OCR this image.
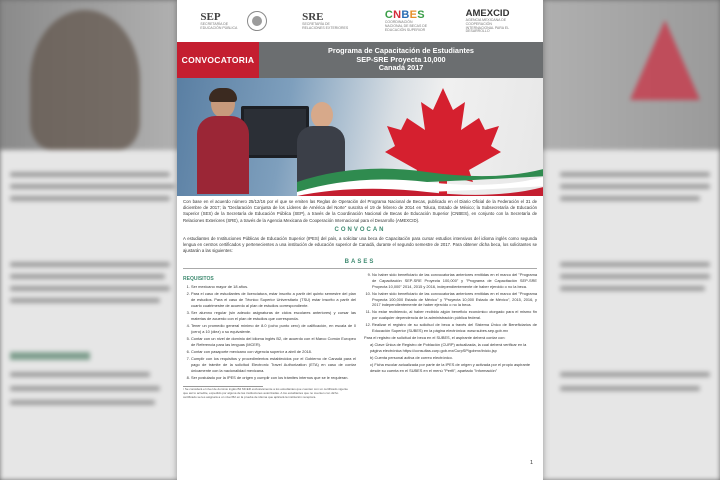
SEP
SECRETARÍA DE EDUCACIÓN PÚBLICA
SRE
SECRETARÍA DE RELACIONES EXTERIORES
CNBES
COORDINACIÓN NACIONAL DE BECAS DE EDUCACIÓN SUPERIOR
AMEXCID
AGENCIA MEXICANA DE COOPERACIÓN INTERNACIONAL PARA EL DESARROLLO
CONVOCATORIA
Programa de Capacitación de Estudiantes
SEP-SRE Proyecta 10,000
Canadá 2017

Con base en el acuerdo número 25/12/16 por el que se emiten las Reglas de Operación del Programa Nacional de Becas, publicado en el Diario Oficial de la Federación el 31 de diciembre de 2017; la "Declaración Conjunta de los Líderes de América del Norte" suscrita el 19 de febrero de 2014 en Toluca, Estado de México; la Subsecretaría de Educación Superior (SES) de la Secretaría de Educación Pública (SEP), a través de la Coordinación Nacional de Becas de Educación Superior (CNBES), en conjunto con la Secretaría de Relaciones Exteriores (SRE), a través de la Agencia Mexicana de Cooperación Internacional para el Desarrollo (AMEXCID).

CONVOCAN

A estudiantes de Instituciones Públicas de Educación Superior (IPES) del país, a solicitar una beca de Capacitación para cursar estudios intensivos del idioma inglés como segunda lengua en centros certificados y pertenecientes a una institución de educación superior de Canadá, durante el segundo semestre de 2017. Para obtener dicha beca, los solicitantes se ajustarán a las siguientes:

BASES
REQUISITOS
1. Ser mexicano mayor de 18 años.
2. Para el caso de estudiantes de licenciatura, estar inscrito a partir del quinto semestre del plan de estudios. Para el caso de Técnico Superior Universitario (TSU) estar inscrito a partir del cuarto cuatrimestre de acuerdo al plan de estudios correspondiente.
3. Ser alumno regular (sin adeudo asignaturas de ciclos escolares anteriores) y cursar las materias de acuerdo con el plan de estudios que corresponda.
4. Tener un promedio general mínimo de 8.0 (ocho punto cero) de calificación, en escala de 0 (cero) a 10 (diez) o su equivalente.
5. Contar con un nivel de dominio del idioma inglés B2, de acuerdo con el Marco Común Europeo de Referencia para las lenguas (MCER).
6. Contar con pasaporte mexicano con vigencia superior a abril de 2018.
7. Cumplir con los requisitos y procedimientos establecidos por el Gobierno de Canadá para el pago de trámite de la solicitud Electronic Travel Authorization (ETA) en caso de contar únicamente con la nacionalidad mexicana.
8. Ser postulado por la IPES de origen y cumplir con los trámites internos que se le requieran.
9. No haber sido beneficiario de las convocatorias anteriores emitidas en el marco del "Programa de Capacitación SEP-SRE Proyecta 100,000" y "Programa de Capacitación SEP-SRE Proyecta 10,000" 2014, 2015 y 2016, independientemente de haber ejercido o no la beca.
10. No haber sido beneficiario de las convocatorias anteriores emitidas en el marco del "Programa Proyecta 100,000 Estado de México" y "Proyecta 10,000 Estado de México", 2015, 2016, y 2017 independientemente de haber ejercido o no la beca.
11. No estar recibiendo, al haber recibido algún beneficio económico otorgado para el mismo fin por cualquier dependencia de la administración pública federal.
12. Realizar el registro de su solicitud de beca a través del Sistema Único de Beneficiarios de Educación Superior (SUBES) en la página electrónica: www.subes.sep.gob.mx

Para el registro de solicitud de beca en el SUBES, el aspirante deberá contar con:

a) Clave Única de Registro de Población (CURP) actualizada, la cual deberá verificar en la página electrónica https://consultas.curp.gob.mx/CurpSP/gobmx/inicio.jsp
b) Cuenta personal activa de correo electrónico.
c) Ficha escolar actualizada por parte de la IPES de origen y activada por el propio aspirante desde su cuenta en el SUBES en el menú "Perfil", apartado "Información"
¹ Se considerá el nivel de dominio inglés B2 MCER exclusivamente a los estudiantes que cuenten con un certificado vigente que así lo acredite, expedido por alguna de las instituciones autorizadas. A los estudiantes que no cuenten con dicho certificado se les asignará a un nivel B2 en la prueba de idioma que aplicará la institución receptora.
1
